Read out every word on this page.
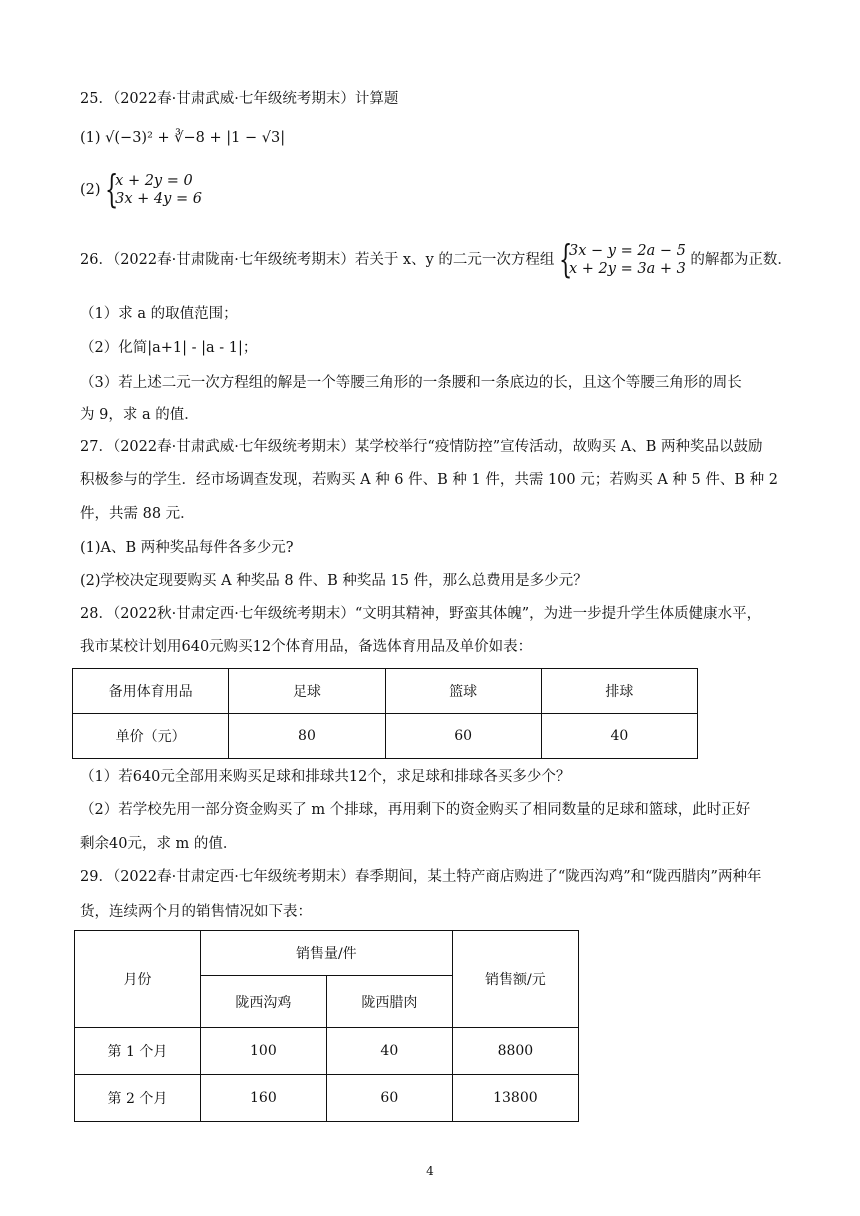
25．（2022春·甘肃武威·七年级统考期末）计算题
(1) √(−3)² + ∛−8 + |1 − √3|
(2) {
x + 2y = 0
3x + 4y = 6
26．（2022春·甘肃陇南·七年级统考期末）若关于 x、y 的二元一次方程组 {
3x − y = 2a − 5
x + 2y = 3a + 3
的解都为正数．
（1）求 a 的取值范围；
（2）化简|a+1| - |a - 1|；
（3）若上述二元一次方程组的解是一个等腰三角形的一条腰和一条底边的长，且这个等腰三角形的周长
为 9，求 a 的值．
27．（2022春·甘肃武威·七年级统考期末）某学校举行“疫情防控”宣传活动，故购买 A、B 两种奖品以鼓励
积极参与的学生．经市场调查发现，若购买 A 种 6 件、B 种 1 件，共需 100 元；若购买 A 种 5 件、B 种 2
件，共需 88 元．
(1)A、B 两种奖品每件各多少元?
(2)学校决定现要购买 A 种奖品 8 件、B 种奖品 15 件，那么总费用是多少元？
28．（2022秋·甘肃定西·七年级统考期末）“文明其精神，野蛮其体魄”，为进一步提升学生体质健康水平，
我市某校计划用640元购买12个体育用品，备选体育用品及单价如表：
备用体育用品	足球	篮球	排球
单价（元）	80	60	40
（1）若640元全部用来购买足球和排球共12个，求足球和排球各买多少个？
（2）若学校先用一部分资金购买了 m 个排球，再用剩下的资金购买了相同数量的足球和篮球，此时正好
剩余40元，求 m 的值．
29．（2022春·甘肃定西·七年级统考期末）春季期间，某土特产商店购进了“陇西沟鸡”和“陇西腊肉”两种年
货，连续两个月的销售情况如下表：
月份	销售量/件		销售额/元
	陇西沟鸡	陇西腊肉	
第 1 个月	100	40	8800
第 2 个月	160	60	13800
4
